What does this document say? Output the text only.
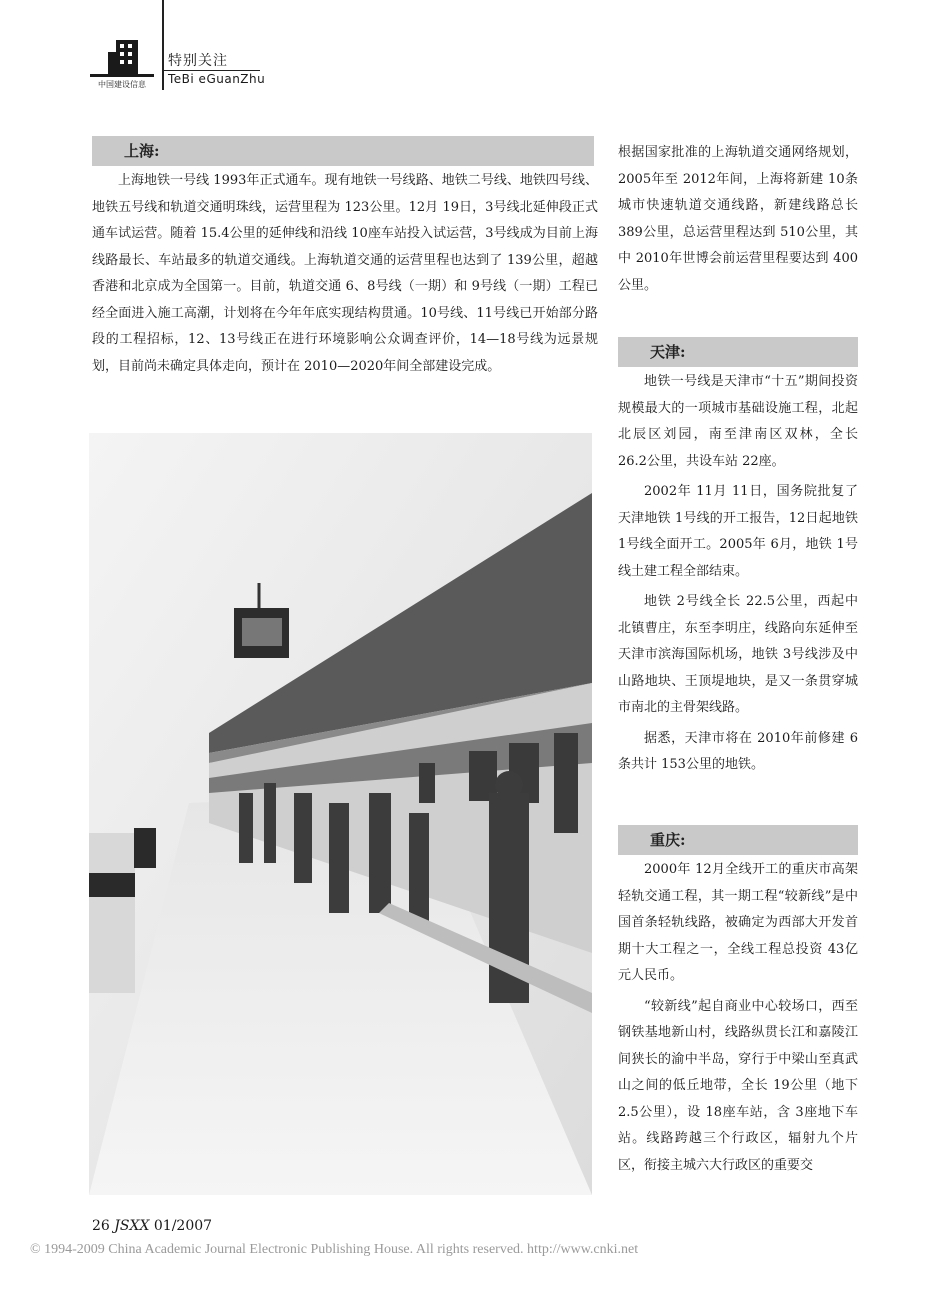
中国建设信息
特别关注
TeBi eGuanZhu
上海:

上海地铁一号线 1993年正式通车。现有地铁一号线路、地铁二号线、地铁四号线、地铁五号线和轨道交通明珠线，运营里程为 123公里。12月 19日，3号线北延伸段正式通车试运营。随着 15.4公里的延伸线和沿线 10座车站投入试运营，3号线成为目前上海线路最长、车站最多的轨道交通线。上海轨道交通的运营里程也达到了 139公里，超越香港和北京成为全国第一。目前，轨道交通 6、8号线（一期）和 9号线（一期）工程已经全面进入施工高潮，计划将在今年年底实现结构贯通。10号线、11号线已开始部分路段的工程招标，12、13号线正在进行环境影响公众调查评价，14—18号线为远景规划，目前尚未确定具体走向，预计在 2010—2020年间全部建设完成。

根据国家批准的上海轨道交通网络规划，2005年至 2012年间，上海将新建 10条城市快速轨道交通线路，新建线路总长 389公里，总运营里程达到 510公里，其中 2010年世博会前运营里程要达到 400公里。

天津:

地铁一号线是天津市“十五”期间投资规模最大的一项城市基础设施工程，北起北辰区刘园，南至津南区双林，全长 26.2公里，共设车站 22座。

2002年 11月 11日，国务院批复了天津地铁 1号线的开工报告，12日起地铁 1号线全面开工。2005年 6月，地铁 1号线土建工程全部结束。

地铁 2号线全长 22.5公里，西起中北镇曹庄，东至李明庄，线路向东延伸至天津市滨海国际机场，地铁 3号线涉及中山路地块、王顶堤地块，是又一条贯穿城市南北的主骨架线路。

据悉，天津市将在 2010年前修建 6条共计 153公里的地铁。

重庆:

2000年 12月全线开工的重庆市高架轻轨交通工程，其一期工程“较新线”是中国首条轻轨线路，被确定为西部大开发首期十大工程之一，全线工程总投资 43亿元人民币。

“较新线”起自商业中心较场口，西至钢铁基地新山村，线路纵贯长江和嘉陵江间狭长的渝中半岛，穿行于中梁山至真武山之间的低丘地带，全长 19公里（地下 2.5公里），设 18座车站，含 3座地下车站。线路跨越三个行政区，辐射九个片区，衔接主城六大行政区的重要交

26 JSXX 01/2007
© 1994-2009 China Academic Journal Electronic Publishing House. All rights reserved. http://www.cnki.net
